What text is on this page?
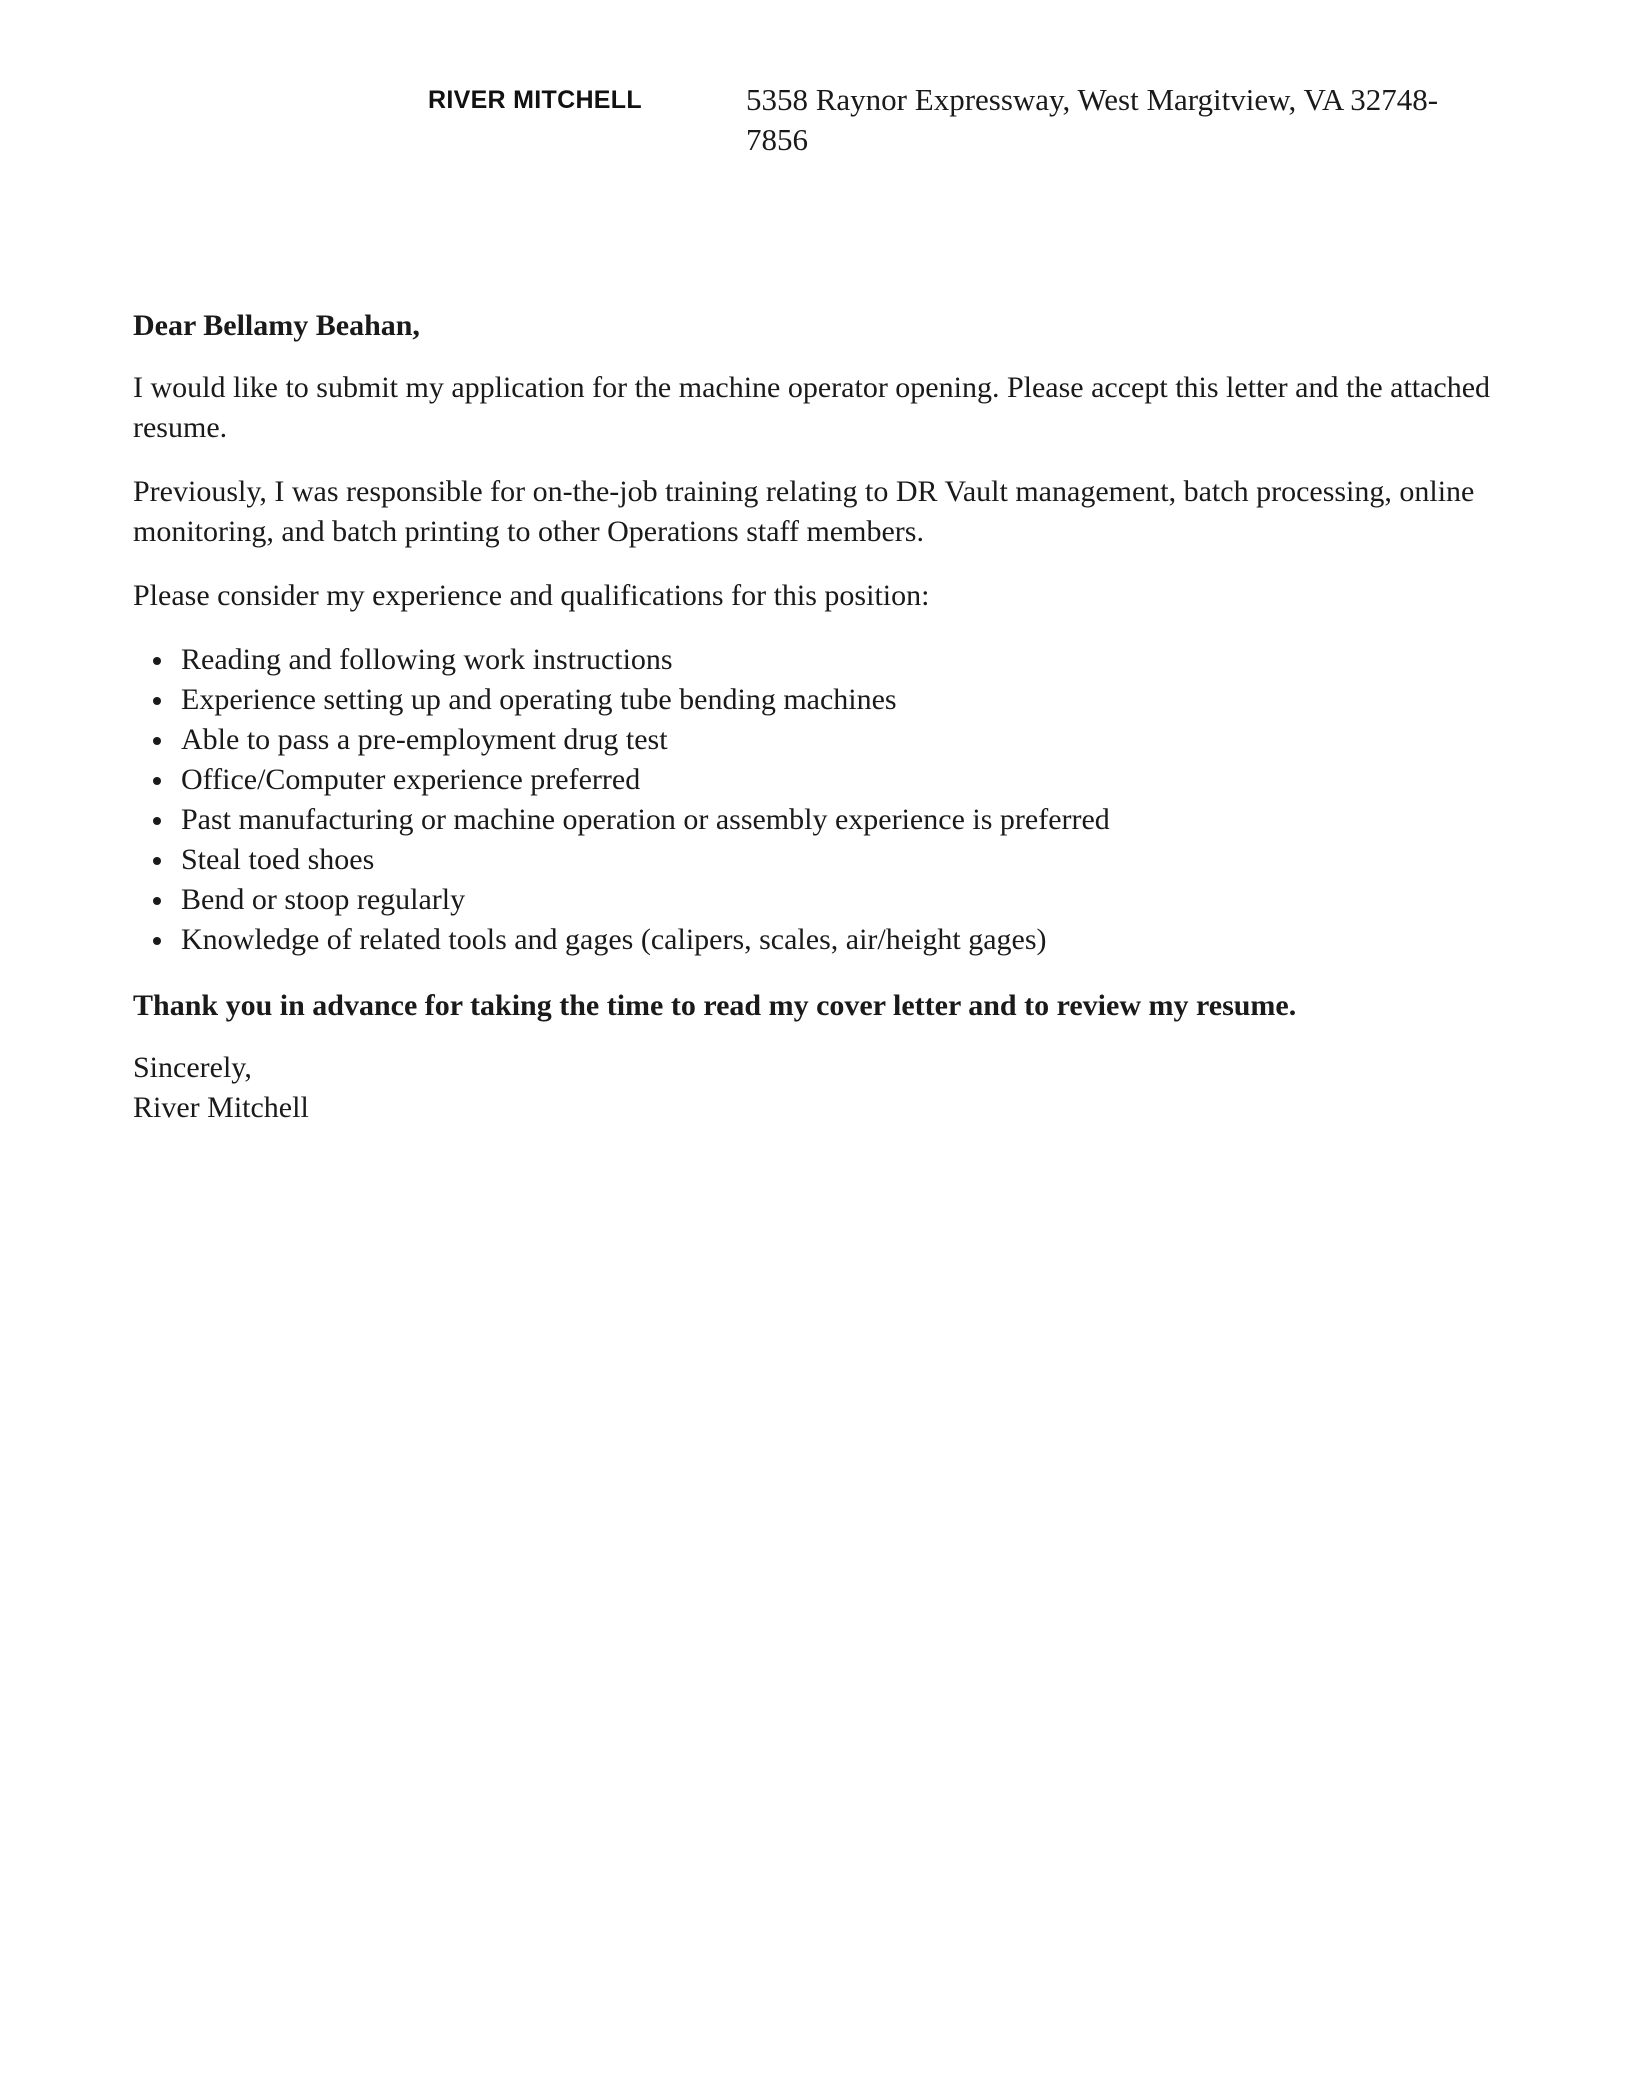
RIVER MITCHELL	5358 Raynor Expressway, West Margitview, VA 32748-7856

Dear Bellamy Beahan,

I would like to submit my application for the machine operator opening. Please accept this letter and the attached resume.

Previously, I was responsible for on-the-job training relating to DR Vault management, batch processing, online monitoring, and batch printing to other Operations staff members.

Please consider my experience and qualifications for this position:

Reading and following work instructions
Experience setting up and operating tube bending machines
Able to pass a pre-employment drug test
Office/Computer experience preferred
Past manufacturing or machine operation or assembly experience is preferred
Steal toed shoes
Bend or stoop regularly
Knowledge of related tools and gages (calipers, scales, air/height gages)

Thank you in advance for taking the time to read my cover letter and to review my resume.

Sincerely,

River Mitchell
